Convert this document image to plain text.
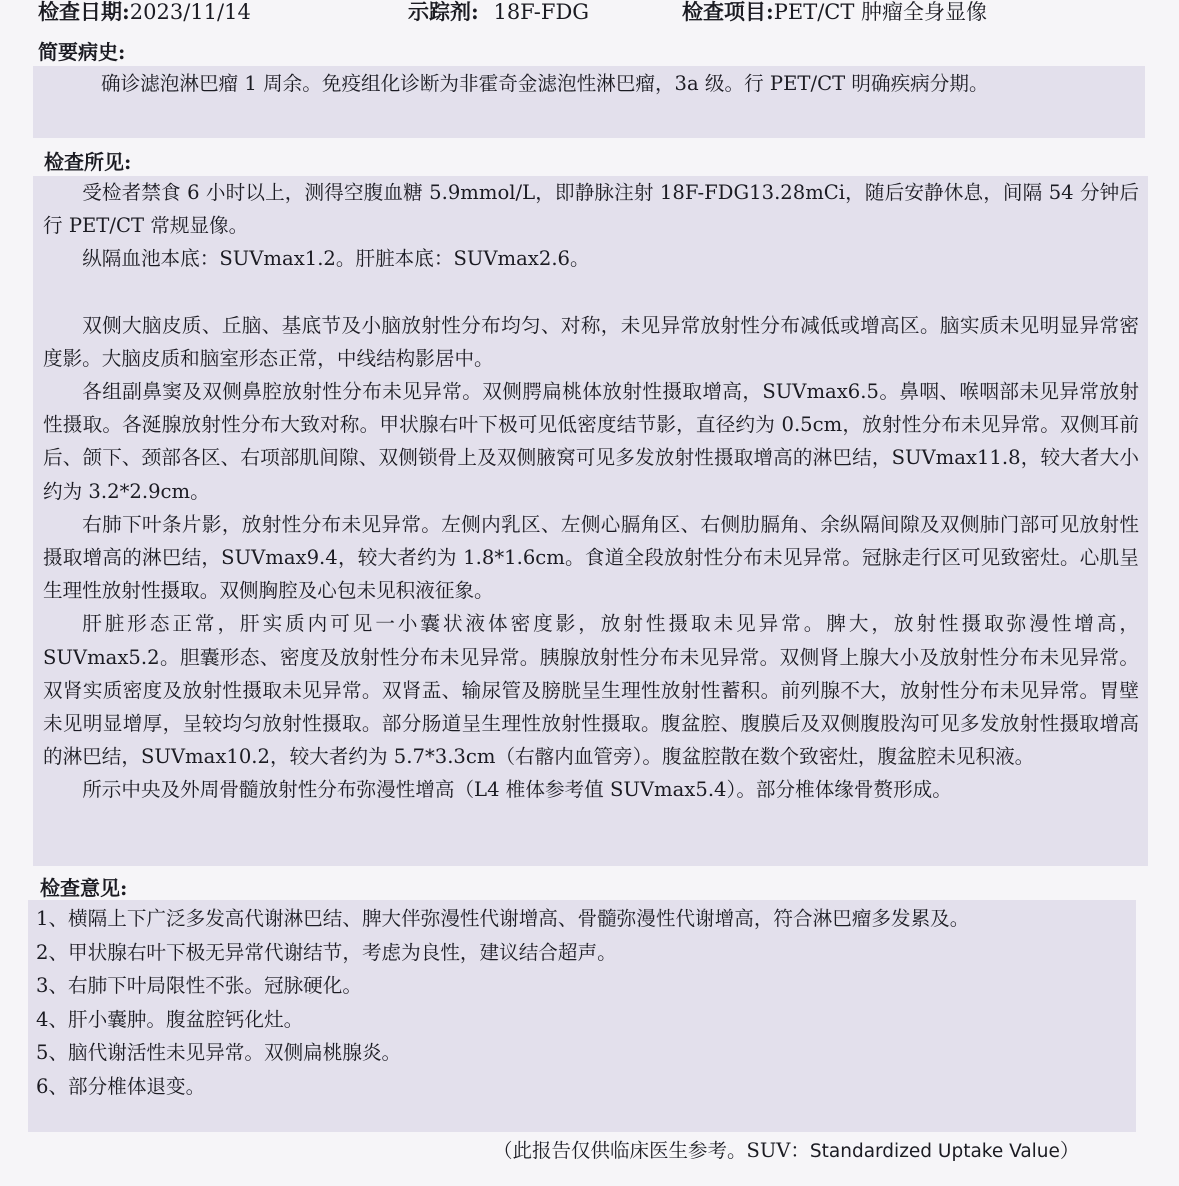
检查日期:2023/11/14	示踪剂: 18F-FDG	检查项目:PET/CT 肿瘤全身显像
简要病史:
确诊滤泡淋巴瘤 1 周余。免疫组化诊断为非霍奇金滤泡性淋巴瘤，3a 级。行 PET/CT 明确疾病分期。
检查所见:

受检者禁食 6 小时以上，测得空腹血糖 5.9mmol/L，即静脉注射 18F-FDG13.28mCi，随后安静休息，间隔 54 分钟后行 PET/CT 常规显像。

纵隔血池本底：SUVmax1.2。肝脏本底：SUVmax2.6。

双侧大脑皮质、丘脑、基底节及小脑放射性分布均匀、对称，未见异常放射性分布减低或增高区。脑实质未见明显异常密度影。大脑皮质和脑室形态正常，中线结构影居中。

各组副鼻窦及双侧鼻腔放射性分布未见异常。双侧腭扁桃体放射性摄取增高，SUVmax6.5。鼻咽、喉咽部未见异常放射性摄取。各涎腺放射性分布大致对称。甲状腺右叶下极可见低密度结节影，直径约为 0.5cm，放射性分布未见异常。双侧耳前后、颌下、颈部各区、右项部肌间隙、双侧锁骨上及双侧腋窝可见多发放射性摄取增高的淋巴结，SUVmax11.8，较大者大小约为 3.2*2.9cm。

右肺下叶条片影，放射性分布未见异常。左侧内乳区、左侧心膈角区、右侧肋膈角、余纵隔间隙及双侧肺门部可见放射性摄取增高的淋巴结，SUVmax9.4，较大者约为 1.8*1.6cm。食道全段放射性分布未见异常。冠脉走行区可见致密灶。心肌呈生理性放射性摄取。双侧胸腔及心包未见积液征象。

肝脏形态正常，肝实质内可见一小囊状液体密度影，放射性摄取未见异常。脾大，放射性摄取弥漫性增高，SUVmax5.2。胆囊形态、密度及放射性分布未见异常。胰腺放射性分布未见异常。双侧肾上腺大小及放射性分布未见异常。双肾实质密度及放射性摄取未见异常。双肾盂、输尿管及膀胱呈生理性放射性蓄积。前列腺不大，放射性分布未见异常。胃壁未见明显增厚，呈较均匀放射性摄取。部分肠道呈生理性放射性摄取。腹盆腔、腹膜后及双侧腹股沟可见多发放射性摄取增高的淋巴结，SUVmax10.2，较大者约为 5.7*3.3cm（右髂内血管旁）。腹盆腔散在数个致密灶，腹盆腔未见积液。

所示中央及外周骨髓放射性分布弥漫性增高（L4 椎体参考值 SUVmax5.4）。部分椎体缘骨赘形成。

检查意见:
1、横隔上下广泛多发高代谢淋巴结、脾大伴弥漫性代谢增高、骨髓弥漫性代谢增高，符合淋巴瘤多发累及。
2、甲状腺右叶下极无异常代谢结节，考虑为良性，建议结合超声。
3、右肺下叶局限性不张。冠脉硬化。
4、肝小囊肿。腹盆腔钙化灶。
5、脑代谢活性未见异常。双侧扁桃腺炎。
6、部分椎体退变。
（此报告仅供临床医生参考。SUV：Standardized Uptake Value）
